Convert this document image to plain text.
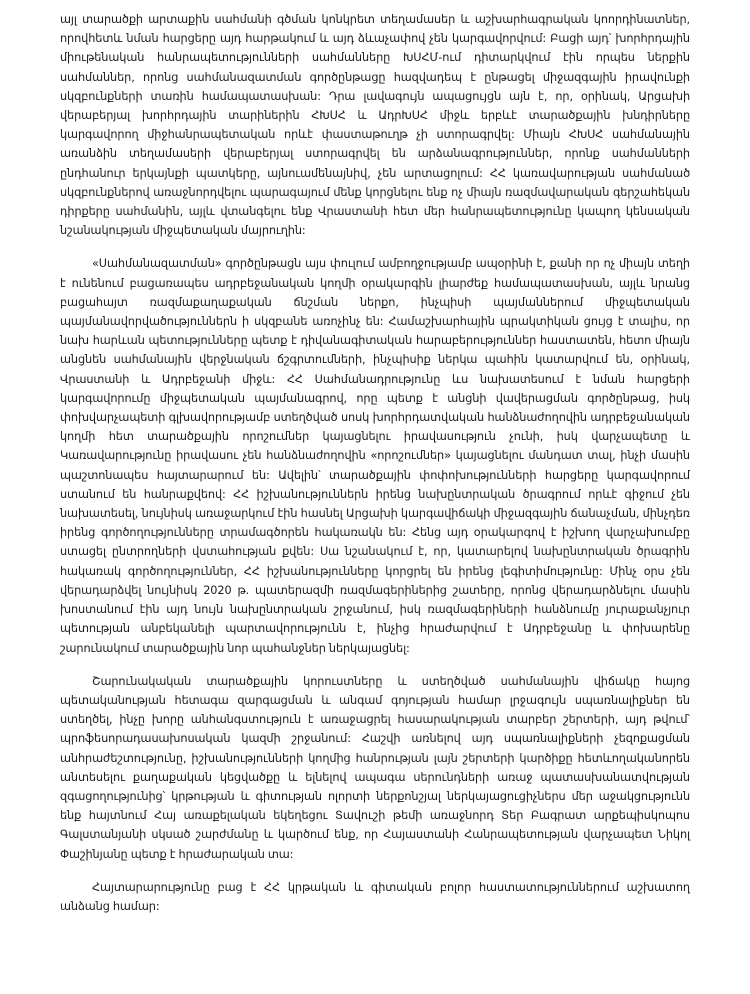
այլ տարածքի արտաքին սահմանի գծման կոնկրետ տեղամասեր և աշխարհագրական կոորդինատներ, որովհետև նման հարցերը այդ հարթակում և այդ ձևաչափով չեն կարգավորվում: Բացի այդ՝ խորհրդային միութենական հանրապետությունների սահմանները ԽՍՀՄ-ում դիտարկվում էին որպես ներքին սահմաններ, որոնց սահմանազատման գործընթացը հազվադեպ է ընթացել միջազգային իրավունքի սկզբունքների տառին համապատասխան: Դրա լավագույն ապացույցն այն է, որ, օրինակ, Արցախի վերաբերյալ խորհրդային տարիներին ՀԽՍՀ և ԱդրԽՍՀ միջև երբևէ տարածքային խնդիրները կարգավորող միջհանրապետական որևէ փաստաթուղթ չի ստորագրվել: Միայն ՀԽՍՀ սահմանային առանձին տեղամասերի վերաբերյալ ստորագրվել են արձանագրություններ, որոնք սահմանների ընդհանուր երկայնքի պատկերը, այնուամենայնիվ, չեն արտացոլում: ՀՀ կառավարության սահմանած սկզբունքներով առաջնորդվելու պարագայում մենք կորցնելու ենք ոչ միայն ռազմավարական գերշահեկան դիրքերը սահմանին, այլև վտանգելու ենք Վրաստանի հետ մեր հանրապետությունը կապող կենսական նշանակության միջպետական մայրուղին:

«Սահմանազատման» գործընթացն այս փուլում ամբողջությամբ ապօրինի է, քանի որ ոչ միայն տեղի է ունենում բացառապես ադրբեջանական կողմի օրակարգին լիարժեք համապատասխան, այլև նրանց բացահայտ ռազմաքաղաքական ճնշման ներքո, ինչպիսի պայմաններում միջպետական պայմանավորվածություններն ի սկզբանե առոչինչ են: Համաշխարհային պրակտիկան ցույց է տալիս, որ նախ հարևան պետությունները պետք է դիվանագիտական հարաբերություններ հաստատեն, հետո միայն անցնեն սահմանային վերջնական ճշգրտումների, ինչպիսիք ներկա պահին կատարվում են, օրինակ, Վրաստանի և Ադրբեջանի միջև: ՀՀ Սահմանադրությունը ևս նախատեսում է նման հարցերի կարգավորումը միջպետական պայմանագրով, որը պետք է անցնի վավերացման գործընթաց, իսկ փոխվարչապետի գլխավորությամբ ստեղծված սոսկ խորհրդատվական հանձնաժողովին ադրբեջանական կողմի հետ տարածքային որոշումներ կայացնելու իրավասություն չունի, իսկ վարչապետը և Կառավարությունը իրավասու չեն հանձնաժողովին «որոշումներ» կայացնելու մանդատ տալ, ինչի մասին պաշտոնապես հայտարարում են: Ավելին՝ տարածքային փոփոխությունների հարցերը կարգավորում ստանում են հանրաքվեով: ՀՀ իշխանություններն իրենց նախընտրական ծրագրում որևէ գիջում չեն նախատեսել, նույնիսկ առաջարկում էին հասնել Արցախի կարգավիճակի միջազգային ճանաչման, մինչդեռ իրենց գործողությունները տրամագծորեն հակառակն են: Հենց այդ օրակարգով է իշխող վարչախումբը ստացել ընտրողների վստահության քվեն: Սա նշանակում է, որ, կատարելով նախընտրական ծրագրին հակառակ գործողություններ, ՀՀ իշխանությունները կորցրել են իրենց լեգիտիմությունը: Մինչ օրս չեն վերադարձվել նույնիսկ 2020 թ. պատերազմի ռազմագերիներից շատերը, որոնց վերադարձնելու մասին խոստանում էին այդ նույն նախընտրական շրջանում, իսկ ռազմագերիների հանձնումը յուրաքանչյուր պետության անբեկանելի պարտավորությունն է, ինչից հրաժարվում է Ադրբեջանը և փոխարենը շարունակում տարածքային նոր պահանջներ ներկայացնել:

Շարունակական տարածքային կորուստները և ստեղծված սահմանային վիճակը հայոց պետականության հետագա զարգացման և անգամ գոյության համար լրջագույն սպառնալիքներ են ստեղծել, ինչը խորը անհանգստություն է առաջացրել հասարակության տարբեր շերտերի, այդ թվում՝ պրոֆեսորադասախոսական կազմի շրջանում: Հաշվի առնելով այդ սպառնալիքների չեզոքացման անհրաժեշտությունը, իշխանությունների կողմից հանրության լայն շերտերի կարծիքը հետևողականորեն անտեսելու քաղաքական կեցվածքը և ելնելով ապագա սերունդների առաջ պատասխանատվության զգացողությունից՝ կրթության և գիտության ոլորտի ներքոնշյալ ներկայացուցիչներս մեր աջակցությունն ենք հայտնում Հայ առաքելական եկեղեցու Տավուշի թեմի առաջնորդ Տեր Բագրատ արքեպիսկոպոս Գալստանյանի սկսած շարժմանը և կարծում ենք, որ Հայաստանի Հանրապետության վարչապետ Նիկոլ Փաշինյանը պետք է հրաժարական տա:

Հայտարարությունը բաց է ՀՀ կրթական և գիտական բոլոր հաստատություններում աշխատող անձանց համար:
